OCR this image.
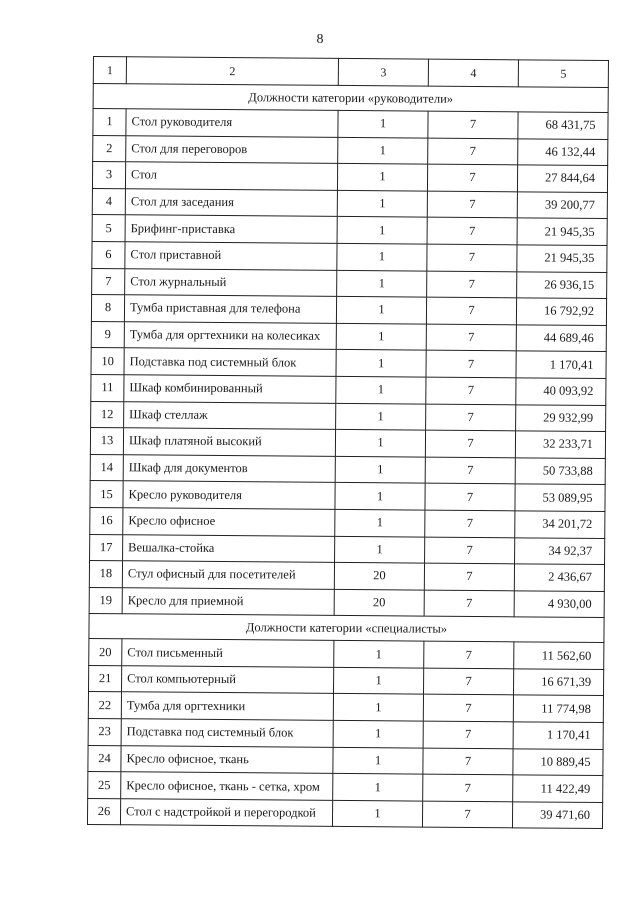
8
1	2	3	4	5
Должности категории «руководители»				
1	Стол руководителя	1	7	68 431,75
2	Стол для переговоров	1	7	46 132,44
3	Стол	1	7	27 844,64
4	Стол для заседания	1	7	39 200,77
5	Брифинг-приставка	1	7	21 945,35
6	Стол приставной	1	7	21 945,35
7	Стол журнальный	1	7	26 936,15
8	Тумба приставная для телефона	1	7	16 792,92
9	Тумба для оргтехники на колесиках	1	7	44 689,46
10	Подставка под системный блок	1	7	1 170,41
11	Шкаф комбинированный	1	7	40 093,92
12	Шкаф стеллаж	1	7	29 932,99
13	Шкаф платяной высокий	1	7	32 233,71
14	Шкаф для документов	1	7	50 733,88
15	Кресло руководителя	1	7	53 089,95
16	Кресло офисное	1	7	34 201,72
17	Вешалка-стойка	1	7	34 92,37
18	Стул офисный для посетителей	20	7	2 436,67
19	Кресло для приемной	20	7	4 930,00
Должности категории «специалисты»				
20	Стол письменный	1	7	11 562,60
21	Стол компьютерный	1	7	16 671,39
22	Тумба для оргтехники	1	7	11 774,98
23	Подставка под системный блок	1	7	1 170,41
24	Кресло офисное, ткань	1	7	10 889,45
25	Кресло офисное, ткань - сетка, хром	1	7	11 422,49
26	Стол с надстройкой и перегородкой	1	7	39 471,60
